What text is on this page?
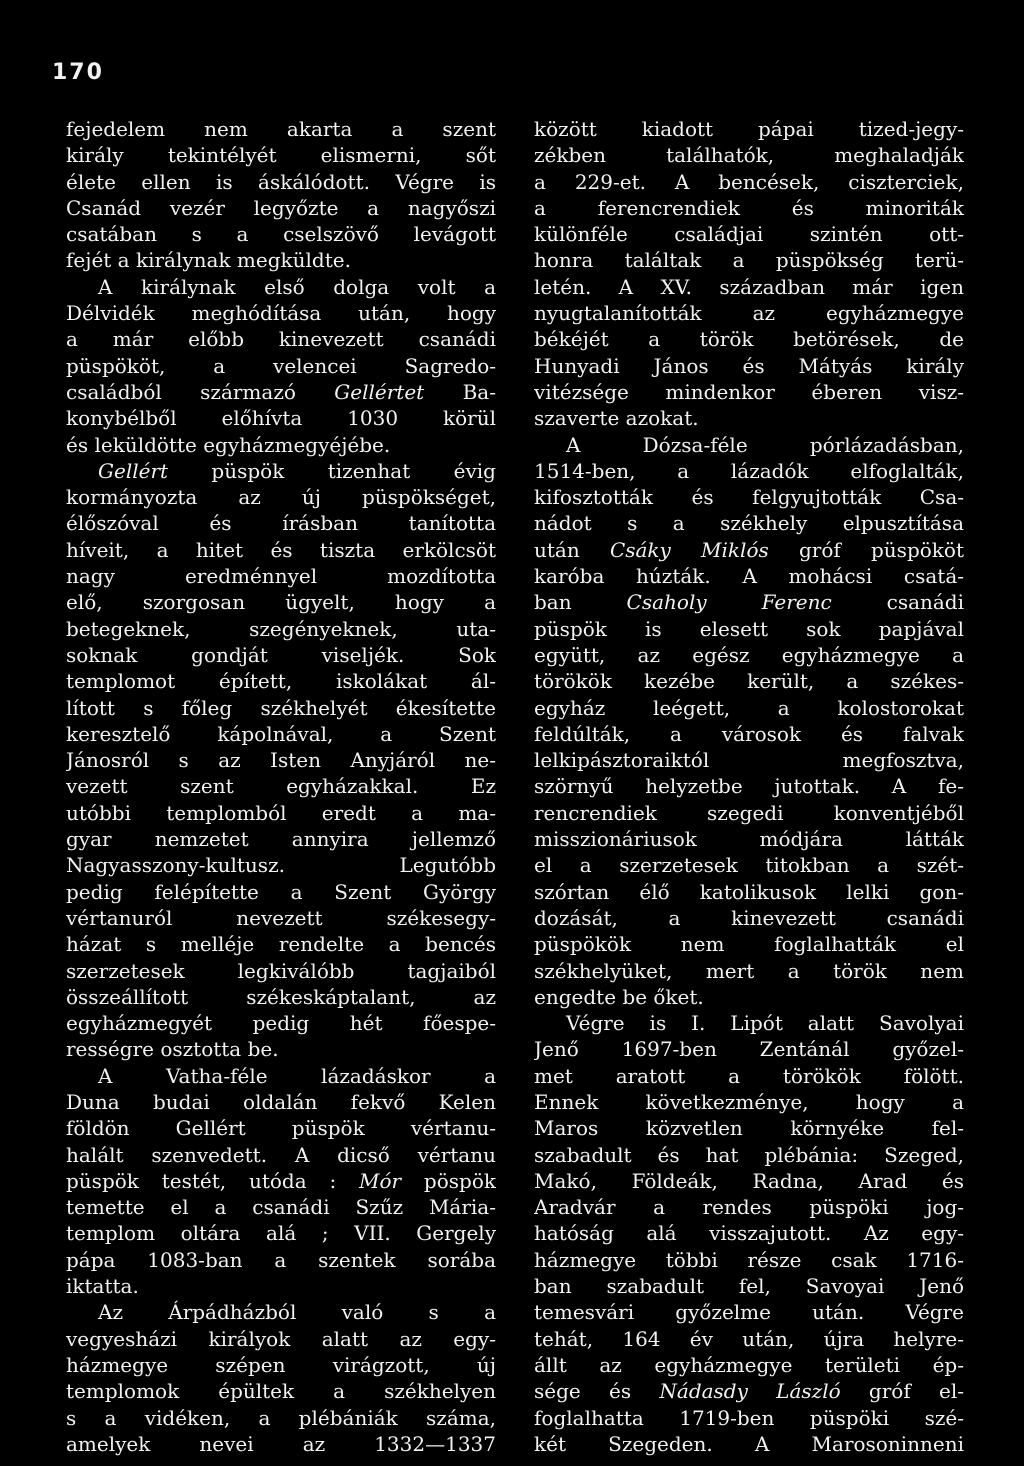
170
fejedelem nem akarta a szent
király tekintélyét elismerni, sőt
élete ellen is áskálódott. Végre is
Csanád vezér legyőzte a nagyőszi
csatában s a cselszövő levágott
fejét a királynak megküldte.
A királynak első dolga volt a
Délvidék meghódítása után, hogy
a már előbb kinevezett csanádi
püspököt, a velencei Sagredo-
családból származó Gellértet Ba-
konybélből előhívta 1030 körül
és leküldötte egyházmegyéjébe.
Gellért püspök tizenhat évig
kormányozta az új püspökséget,
élőszóval és írásban tanította
híveit, a hitet és tiszta erkölcsöt
nagy eredménnyel mozdította
elő, szorgosan ügyelt, hogy a
betegeknek, szegényeknek, uta-
soknak gondját viseljék. Sok
templomot épített, iskolákat ál-
lított s főleg székhelyét ékesítette
keresztelő kápolnával, a Szent
Jánosról s az Isten Anyjáról ne-
vezett szent egyházakkal. Ez
utóbbi templomból eredt a ma-
gyar nemzetet annyira jellemző
Nagyasszony-kultusz. Legutóbb
pedig felépítette a Szent György
vértanuról nevezett székesegy-
házat s melléje rendelte a bencés
szerzetesek legkiválóbb tagjaiból
összeállított székeskáptalant, az
egyházmegyét pedig hét főespe-
rességre osztotta be.
A Vatha-féle lázadáskor a
Duna budai oldalán fekvő Kelen
földön Gellért püspök vértanu-
halált szenvedett. A dicső vértanu
püspök testét, utóda : Mór pöspök
temette el a csanádi Szűz Mária-
templom oltára alá ; VII. Gergely
pápa 1083-ban a szentek sorába
iktatta.
Az Árpádházból való s a
vegyesházi királyok alatt az egy-
házmegye szépen virágzott, új
templomok épültek a székhelyen
s a vidéken, a plébániák száma,
amelyek nevei az 1332—1337
között kiadott pápai tized-jegy-
zékben találhatók, meghaladják
a 229-et. A bencések, ciszterciek,
a ferencrendiek és minoriták
különféle családjai szintén ott-
honra találtak a püspökség terü-
letén. A XV. században már igen
nyugtalanították az egyházmegye
békéjét a török betörések, de
Hunyadi János és Mátyás király
vitézsége mindenkor éberen visz-
szaverte azokat.
A Dózsa-féle pórlázadásban,
1514-ben, a lázadók elfoglalták,
kifosztották és felgyujtották Csa-
nádot s a székhely elpusztítása
után Csáky Miklós gróf püspököt
karóba húzták. A mohácsi csatá-
ban Csaholy Ferenc csanádi
püspök is elesett sok papjával
együtt, az egész egyházmegye a
törökök kezébe került, a székes-
egyház leégett, a kolostorokat
feldúlták, a városok és falvak
lelkipásztoraiktól megfosztva,
szörnyű helyzetbe jutottak. A fe-
rencrendiek szegedi konventjéből
misszionáriusok módjára látták
el a szerzetesek titokban a szét-
szórtan élő katolikusok lelki gon-
dozását, a kinevezett csanádi
püspökök nem foglalhatták el
székhelyüket, mert a török nem
engedte be őket.
Végre is I. Lipót alatt Savolyai
Jenő 1697-ben Zentánál győzel-
met aratott a törökök fölött.
Ennek következménye, hogy a
Maros közvetlen környéke fel-
szabadult és hat plébánia: Szeged,
Makó, Földeák, Radna, Arad és
Aradvár a rendes püspöki jog-
hatóság alá visszajutott. Az egy-
házmegye többi része csak 1716-
ban szabadult fel, Savoyai Jenő
temesvári győzelme után. Végre
tehát, 164 év után, újra helyre-
állt az egyházmegye területi ép-
sége és Nádasdy László gróf el-
foglalhatta 1719-ben püspöki szé-
két Szegeden. A Marosoninneni
